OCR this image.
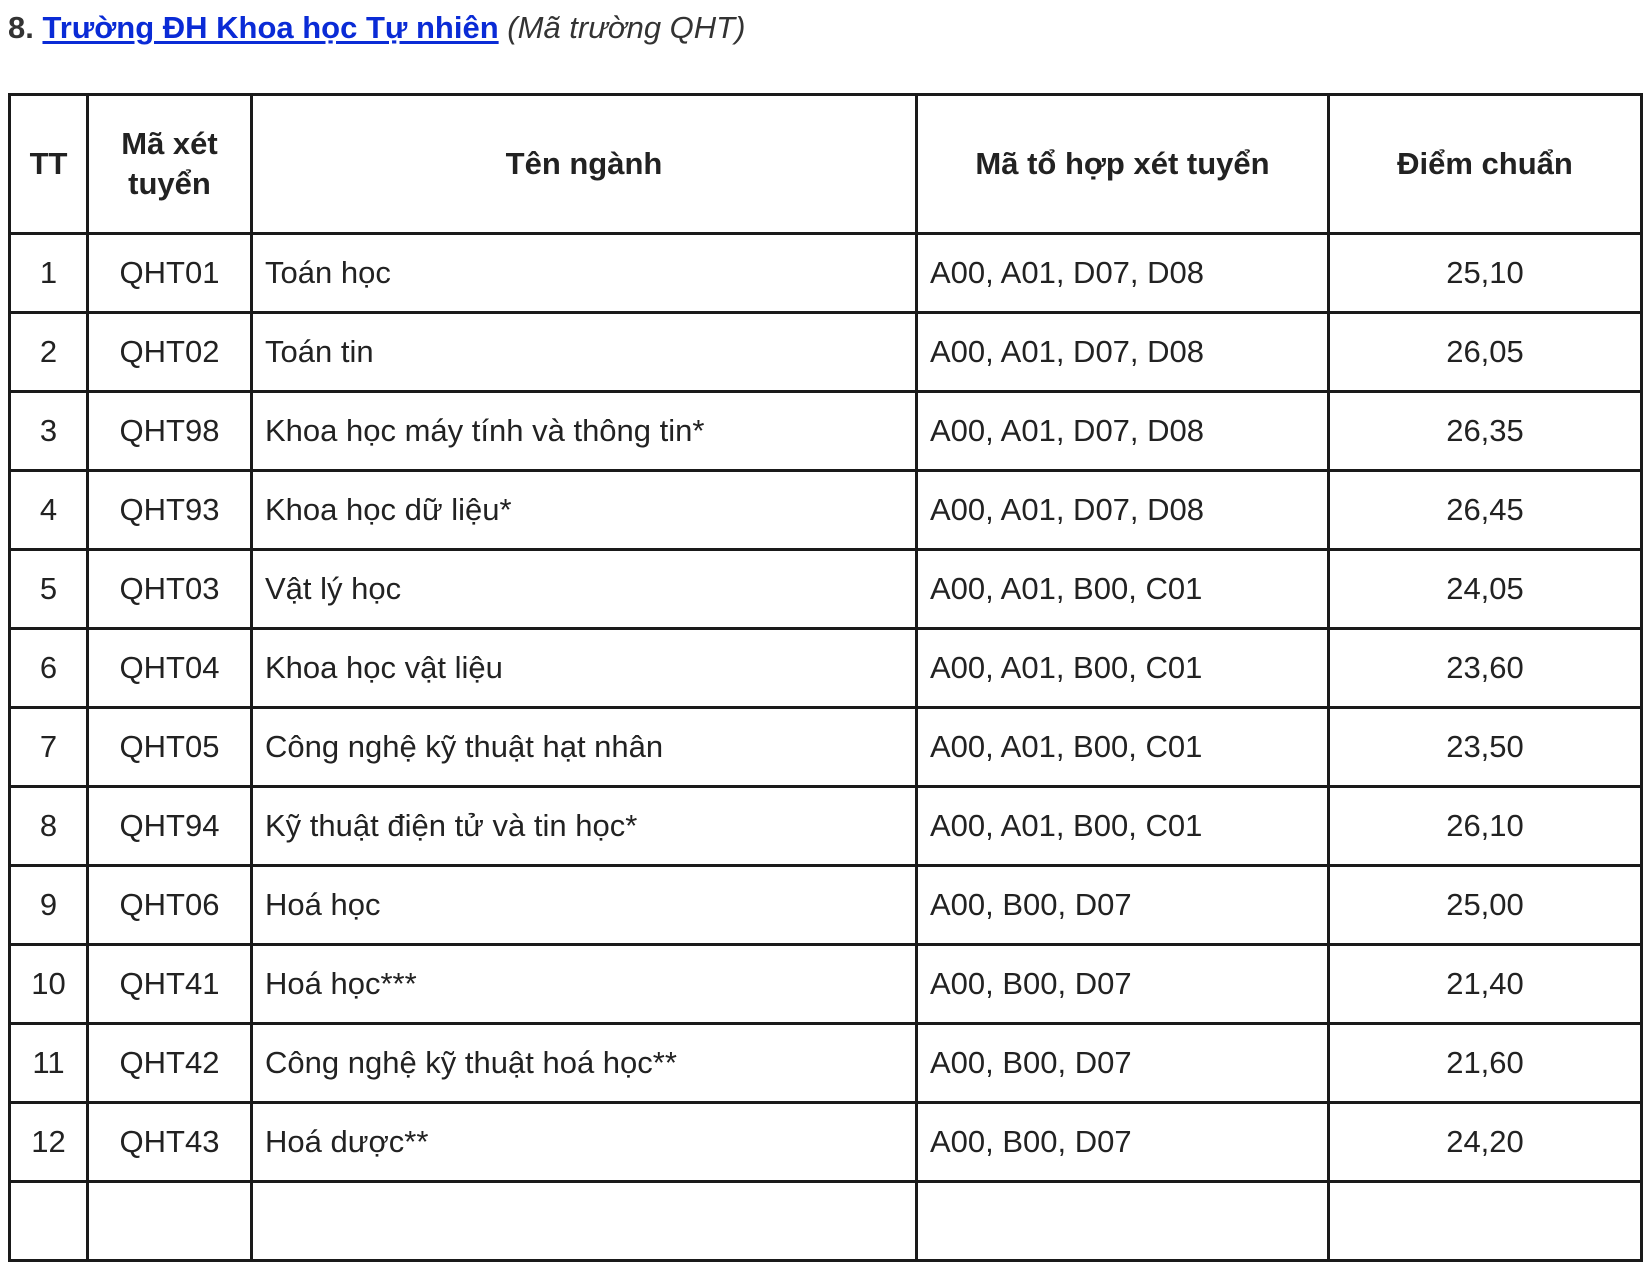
8. Trường ĐH Khoa học Tự nhiên (Mã trường QHT)
TT	Mã xét tuyển	Tên ngành	Mã tổ hợp xét tuyển	Điểm chuẩn
1	QHT01	Toán học	A00, A01, D07, D08	25,10
2	QHT02	Toán tin	A00, A01, D07, D08	26,05
3	QHT98	Khoa học máy tính và thông tin*	A00, A01, D07, D08	26,35
4	QHT93	Khoa học dữ liệu*	A00, A01, D07, D08	26,45
5	QHT03	Vật lý học	A00, A01, B00, C01	24,05
6	QHT04	Khoa học vật liệu	A00, A01, B00, C01	23,60
7	QHT05	Công nghệ kỹ thuật hạt nhân	A00, A01, B00, C01	23,50
8	QHT94	Kỹ thuật điện tử và tin học*	A00, A01, B00, C01	26,10
9	QHT06	Hoá học	A00, B00, D07	25,00
10	QHT41	Hoá học***	A00, B00, D07	21,40
11	QHT42	Công nghệ kỹ thuật hoá học**	A00, B00, D07	21,60
12	QHT43	Hoá dược**	A00, B00, D07	24,20
